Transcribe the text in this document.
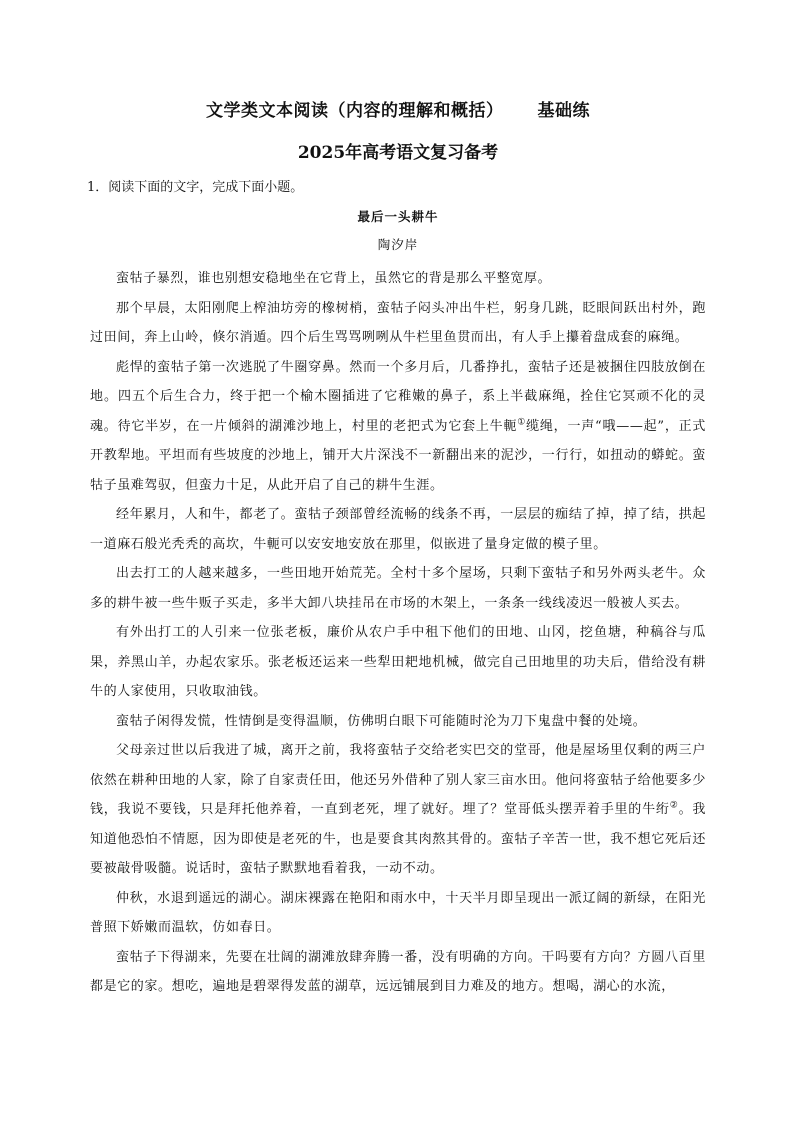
文学类文本阅读（内容的理解和概括） 基础练
2025年高考语文复习备考

1．阅读下面的文字，完成下面小题。

最后一头耕牛
陶汐岸

蛮牯子暴烈，谁也别想安稳地坐在它背上，虽然它的背是那么平整宽厚。

那个早晨，太阳刚爬上榨油坊旁的橡树梢，蛮牯子闷头冲出牛栏，躬身几跳，眨眼间跃出村外，跑过田间，奔上山岭，倏尔消遁。四个后生骂骂咧咧从牛栏里鱼贯而出，有人手上攥着盘成套的麻绳。

彪悍的蛮牯子第一次逃脱了牛圈穿鼻。然而一个多月后，几番挣扎，蛮牯子还是被捆住四肢放倒在地。四五个后生合力，终于把一个榆木圈插进了它稚嫩的鼻子，系上半截麻绳，拴住它冥顽不化的灵魂。待它半岁，在一片倾斜的湖滩沙地上，村里的老把式为它套上牛軛①缆绳，一声“哦——起”，正式开教犁地。平坦而有些坡度的沙地上，铺开大片深浅不一新翻出来的泥沙，一行行，如扭动的蟒蛇。蛮牯子虽难驾驭，但蛮力十足，从此开启了自己的耕牛生涯。

经年累月，人和牛，都老了。蛮牯子颈部曾经流畅的线条不再，一层层的痂结了掉，掉了结，拱起一道麻石般光秃秃的高坎，牛軛可以安安地安放在那里，似嵌进了量身定做的模子里。

出去打工的人越来越多，一些田地开始荒芜。全村十多个屋场，只剩下蛮牯子和另外两头老牛。众多的耕牛被一些牛贩子买走，多半大卸八块挂吊在市场的木架上，一条条一线线凌迟一般被人买去。

有外出打工的人引来一位张老板，廉价从农户手中租下他们的田地、山冈，挖鱼塘，种稿谷与瓜果，养黑山羊，办起农家乐。张老板还运来一些犁田耙地机械，做完自己田地里的功夫后，借给没有耕牛的人家使用，只收取油钱。

蛮牯子闲得发慌，性情倒是变得温顺，仿佛明白眼下可能随时沦为刀下鬼盘中餐的处境。

父母亲过世以后我进了城，离开之前，我将蛮牯子交给老实巴交的堂哥，他是屋场里仅剩的两三户依然在耕种田地的人家，除了自家责任田，他还另外借种了别人家三亩水田。他问将蛮牯子给他要多少钱，我说不要钱，只是拜托他养着，一直到老死，埋了就好。埋了？堂哥低头摆弄着手里的牛绗②。我知道他恐怕不情愿，因为即使是老死的牛，也是要食其肉熬其骨的。蛮牯子辛苦一世，我不想它死后还要被敲骨吸髓。说话时，蛮牯子默默地看着我，一动不动。

仲秋，水退到遥远的湖心。湖床裸露在艳阳和雨水中，十天半月即呈现出一派辽阔的新绿，在阳光普照下娇嫩而温软，仿如春日。

蛮牯子下得湖来，先要在壮阔的湖滩放肆奔腾一番，没有明确的方向。干吗要有方向？方圆八百里都是它的家。想吃，遍地是碧翠得发蓝的湖草，远远铺展到目力难及的地方。想喝，湖心的水流，
